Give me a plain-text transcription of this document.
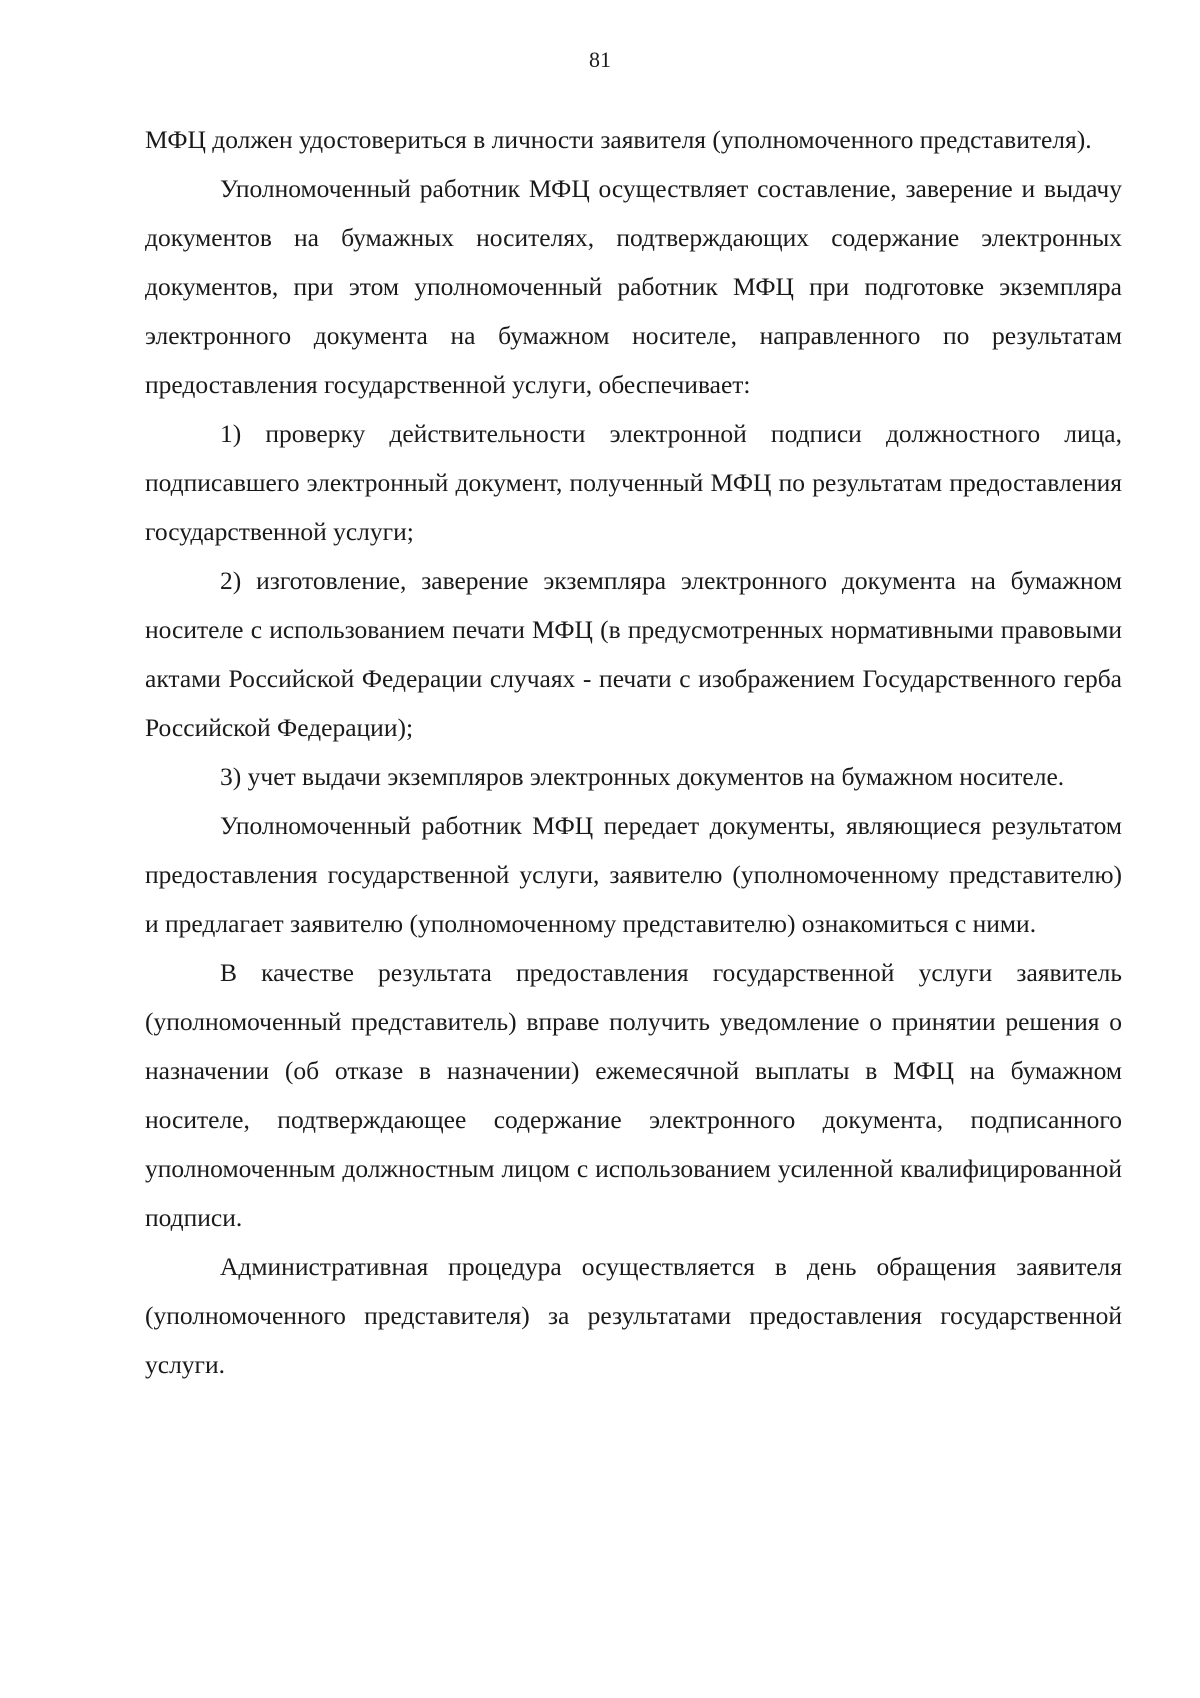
81

МФЦ должен удостовериться в личности заявителя (уполномоченного представителя).

Уполномоченный работник МФЦ осуществляет составление, заверение и выдачу документов на бумажных носителях, подтверждающих содержание электронных документов, при этом уполномоченный работник МФЦ при подготовке экземпляра электронного документа на бумажном носителе, направленного по результатам предоставления государственной услуги, обеспечивает:

1) проверку действительности электронной подписи должностного лица, подписавшего электронный документ, полученный МФЦ по результатам предоставления государственной услуги;

2) изготовление, заверение экземпляра электронного документа на бумажном носителе с использованием печати МФЦ (в предусмотренных нормативными правовыми актами Российской Федерации случаях - печати с изображением Государственного герба Российской Федерации);

3) учет выдачи экземпляров электронных документов на бумажном носителе.

Уполномоченный работник МФЦ передает документы, являющиеся результатом предоставления государственной услуги, заявителю (уполномоченному представителю) и предлагает заявителю (уполномоченному представителю) ознакомиться с ними.

В качестве результата предоставления государственной услуги заявитель (уполномоченный представитель) вправе получить уведомление о принятии решения о назначении (об отказе в назначении) ежемесячной выплаты в МФЦ на бумажном носителе, подтверждающее содержание электронного документа, подписанного уполномоченным должностным лицом с использованием усиленной квалифицированной подписи.

Административная процедура осуществляется в день обращения заявителя (уполномоченного представителя) за результатами предоставления государственной услуги.
